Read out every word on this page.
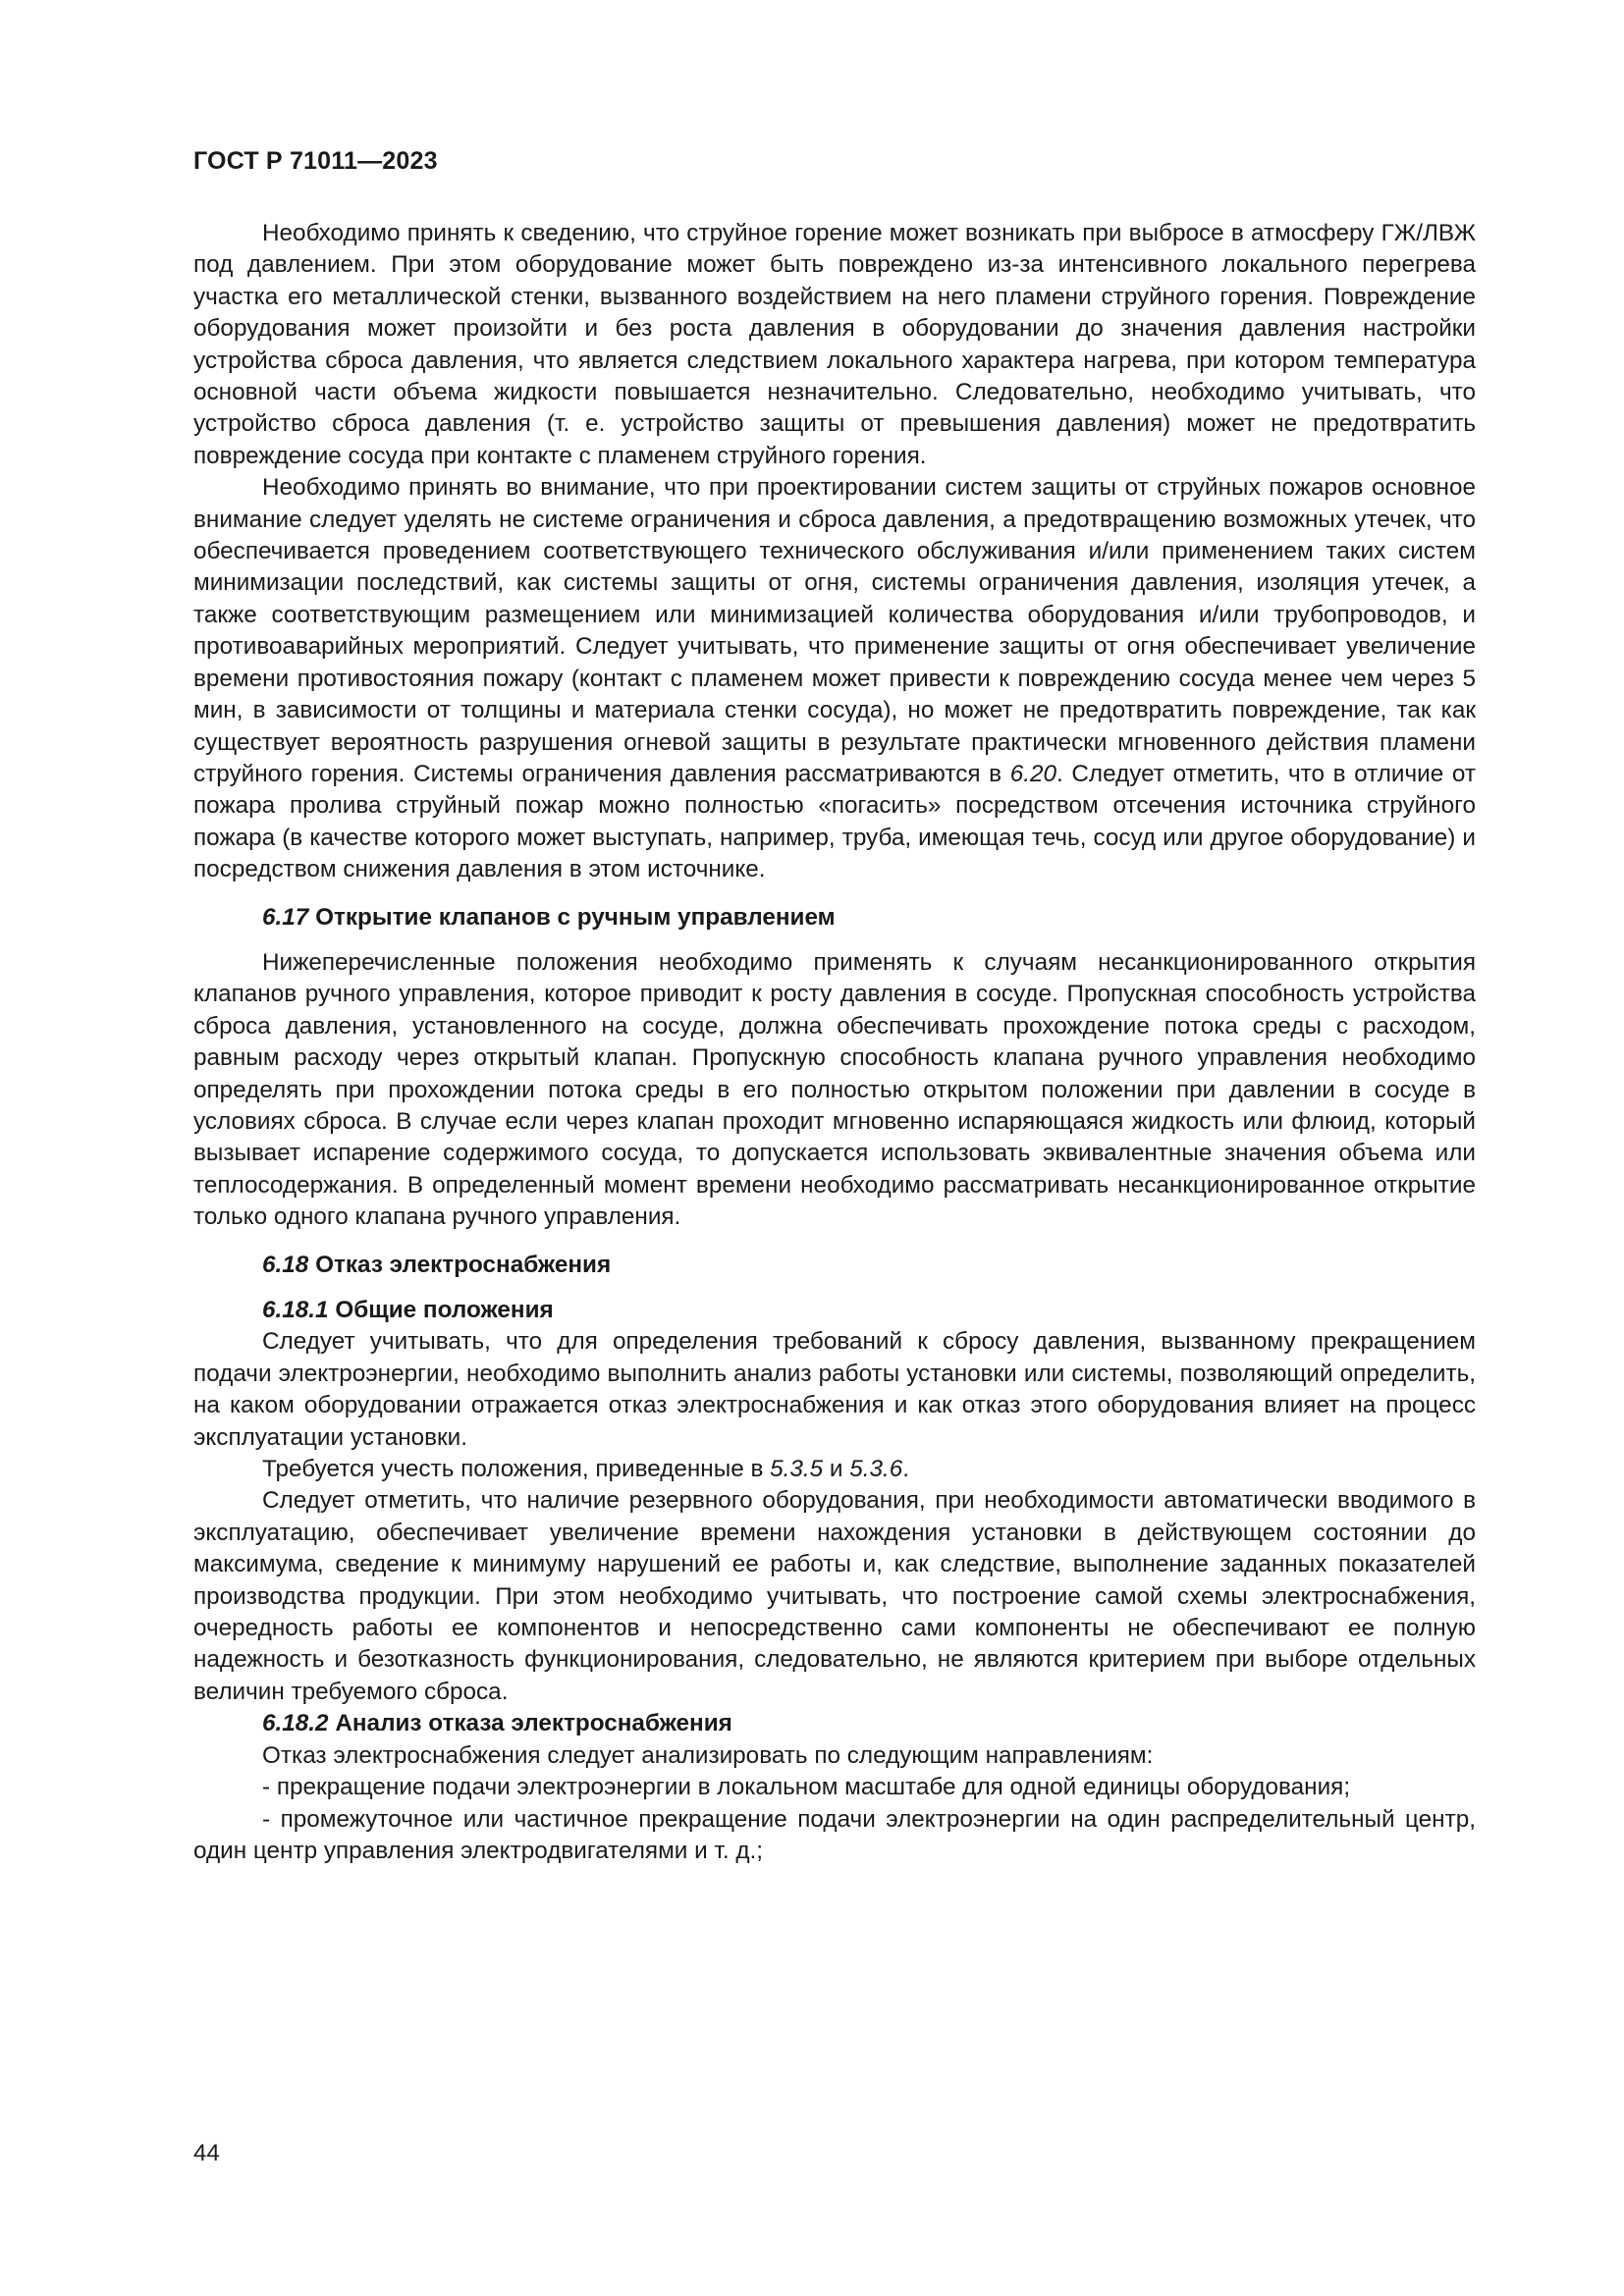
ГОСТ Р 71011—2023

Необходимо принять к сведению, что струйное горение может возникать при выбросе в атмосферу ГЖ/ЛВЖ под давлением. При этом оборудование может быть повреждено из-за интенсивного локального перегрева участка его металлической стенки, вызванного воздействием на него пламени струйного горения. Повреждение оборудования может произойти и без роста давления в оборудовании до значения давления настройки устройства сброса давления, что является следствием локального характера нагрева, при котором температура основной части объема жидкости повышается незначительно. Следовательно, необходимо учитывать, что устройство сброса давления (т. е. устройство защиты от превышения давления) может не предотвратить повреждение сосуда при контакте с пламенем струйного горения.

Необходимо принять во внимание, что при проектировании систем защиты от струйных пожаров основное внимание следует уделять не системе ограничения и сброса давления, а предотвращению возможных утечек, что обеспечивается проведением соответствующего технического обслуживания и/или применением таких систем минимизации последствий, как системы защиты от огня, системы ограничения давления, изоляция утечек, а также соответствующим размещением или минимизацией количества оборудования и/или трубопроводов, и противоаварийных мероприятий. Следует учитывать, что применение защиты от огня обеспечивает увеличение времени противостояния пожару (контакт с пламенем может привести к повреждению сосуда менее чем через 5 мин, в зависимости от толщины и материала стенки сосуда), но может не предотвратить повреждение, так как существует вероятность разрушения огневой защиты в результате практически мгновенного действия пламени струйного горения. Системы ограничения давления рассматриваются в 6.20. Следует отметить, что в отличие от пожара пролива струйный пожар можно полностью «погасить» посредством отсечения источника струйного пожара (в качестве которого может выступать, например, труба, имеющая течь, сосуд или другое оборудование) и посредством снижения давления в этом источнике.

6.17 Открытие клапанов с ручным управлением

Нижеперечисленные положения необходимо применять к случаям несанкционированного открытия клапанов ручного управления, которое приводит к росту давления в сосуде. Пропускная способность устройства сброса давления, установленного на сосуде, должна обеспечивать прохождение потока среды с расходом, равным расходу через открытый клапан. Пропускную способность клапана ручного управления необходимо определять при прохождении потока среды в его полностью открытом положении при давлении в сосуде в условиях сброса. В случае если через клапан проходит мгновенно испаряющаяся жидкость или флюид, который вызывает испарение содержимого сосуда, то допускается использовать эквивалентные значения объема или теплосодержания. В определенный момент времени необходимо рассматривать несанкционированное открытие только одного клапана ручного управления.

6.18 Отказ электроснабжения
6.18.1 Общие положения

Следует учитывать, что для определения требований к сбросу давления, вызванному прекращением подачи электроэнергии, необходимо выполнить анализ работы установки или системы, позволяющий определить, на каком оборудовании отражается отказ электроснабжения и как отказ этого оборудования влияет на процесс эксплуатации установки.

Требуется учесть положения, приведенные в 5.3.5 и 5.3.6.

Следует отметить, что наличие резервного оборудования, при необходимости автоматически вводимого в эксплуатацию, обеспечивает увеличение времени нахождения установки в действующем состоянии до максимума, сведение к минимуму нарушений ее работы и, как следствие, выполнение заданных показателей производства продукции. При этом необходимо учитывать, что построение самой схемы электроснабжения, очередность работы ее компонентов и непосредственно сами компоненты не обеспечивают ее полную надежность и безотказность функционирования, следовательно, не являются критерием при выборе отдельных величин требуемого сброса.

6.18.2 Анализ отказа электроснабжения

Отказ электроснабжения следует анализировать по следующим направлениям:

- прекращение подачи электроэнергии в локальном масштабе для одной единицы оборудования;

- промежуточное или частичное прекращение подачи электроэнергии на один распределительный центр, один центр управления электродвигателями и т. д.;

44
